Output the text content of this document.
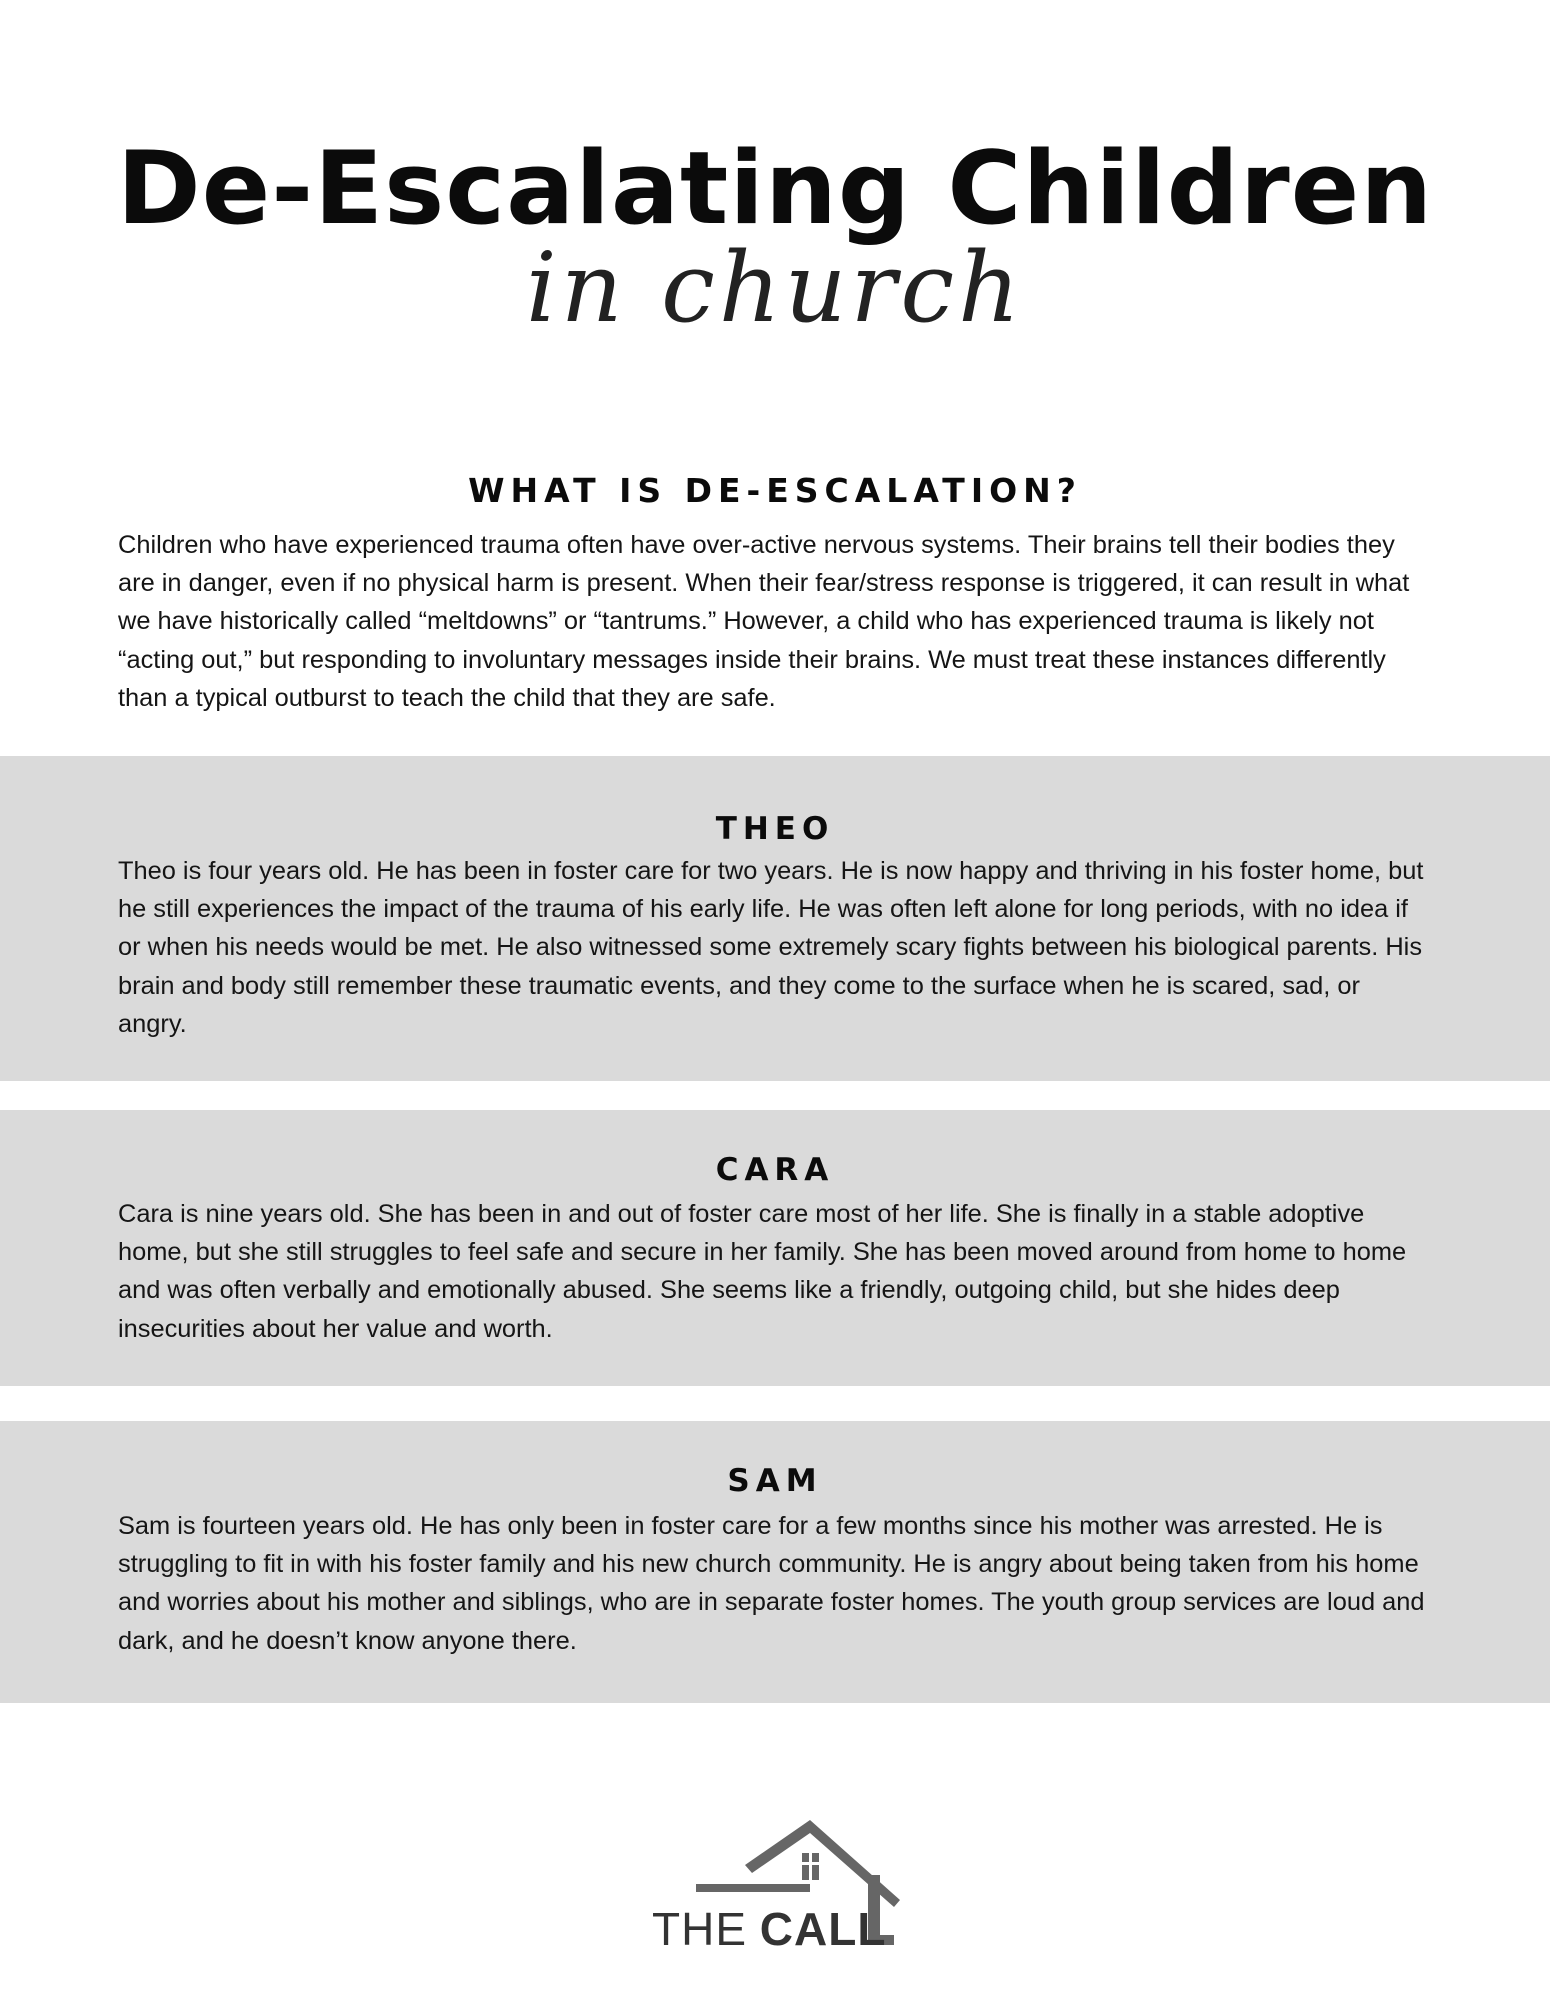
De-Escalating Children
in church
WHAT IS DE-ESCALATION?

Children who have experienced trauma often have over-active nervous systems. Their brains tell their bodies they are in danger, even if no physical harm is present. When their fear/stress response is triggered, it can result in what we have historically called “meltdowns” or “tantrums.” However, a child who has experienced trauma is likely not “acting out,” but responding to involuntary messages inside their brains. We must treat these instances differently than a typical outburst to teach the child that they are safe.

THEO

Theo is four years old. He has been in foster care for two years. He is now happy and thriving in his foster home, but he still experiences the impact of the trauma of his early life. He was often left alone for long periods, with no idea if or when his needs would be met. He also witnessed some extremely scary fights between his biological parents. His brain and body still remember these traumatic events, and they come to the surface when he is scared, sad, or angry.

CARA

Cara is nine years old. She has been in and out of foster care most of her life. She is finally in a stable adoptive home, but she still struggles to feel safe and secure in her family. She has been moved around from home to home and was often verbally and emotionally abused. She seems like a friendly, outgoing child, but she hides deep insecurities about her value and worth.

SAM

Sam is fourteen years old. He has only been in foster care for a few months since his mother was arrested. He is struggling to fit in with his foster family and his new church community. He is angry about being taken from his home and worries about his mother and siblings, who are in separate foster homes. The youth group services are loud and dark, and he doesn’t know anyone there.

THE CALL
